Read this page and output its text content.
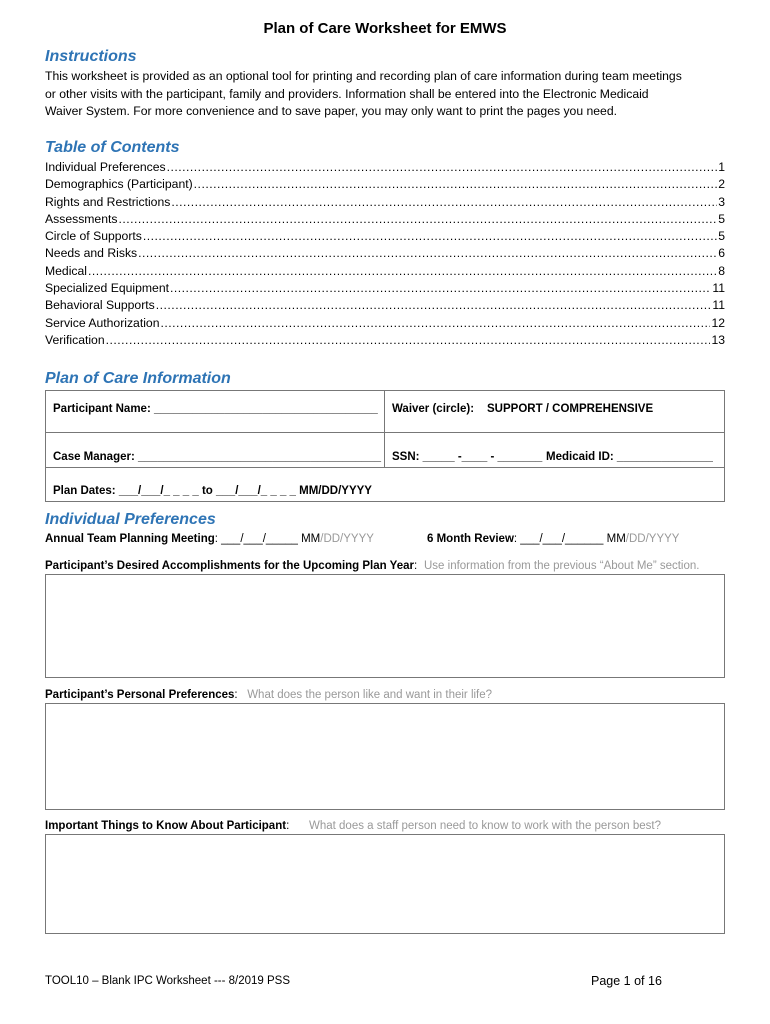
Plan of Care Worksheet for EMWS
Instructions
This worksheet is provided as an optional tool for printing and recording plan of care information during team meetings
or other visits with the participant, family and providers. Information shall be entered into the Electronic Medicaid
Waiver System. For more convenience and to save paper, you may only want to print the pages you need.
Table of Contents
Individual Preferences .....	1
Demographics (Participant) .....	2
Rights and Restrictions .....	3
Assessments .....	5
Circle of Supports .....	5
Needs and Risks .....	6
Medical .....	8
Specialized Equipment .....	11
Behavioral Supports .....	11
Service Authorization .....	12
Verification .....	13
Plan of Care Information
Participant Name: ___________________________________ Waiver (circle): SUPPORT / COMPREHENSIVE
Case Manager: ______________________________________ SSN: _____ -____ - _______ Medicaid ID: _______________
Plan Dates: ___/___/_ _ _ _ to ___/___/_ _ _ _ MM/DD/YYYY
Individual Preferences
Annual Team Planning Meeting: ___/___/_____ MM/DD/YYYY	6 Month Review: ___/___/______ MM/DD/YYYY
Participant’s Desired Accomplishments for the Upcoming Plan Year: Use information from the previous “About Me” section.
Participant’s Personal Preferences:   What does the person like and want in their life?
Important Things to Know About Participant: What does a staff person need to know to work with the person best?
TOOL10 – Blank IPC Worksheet --- 8/2019 PSS	Page 1 of 16
